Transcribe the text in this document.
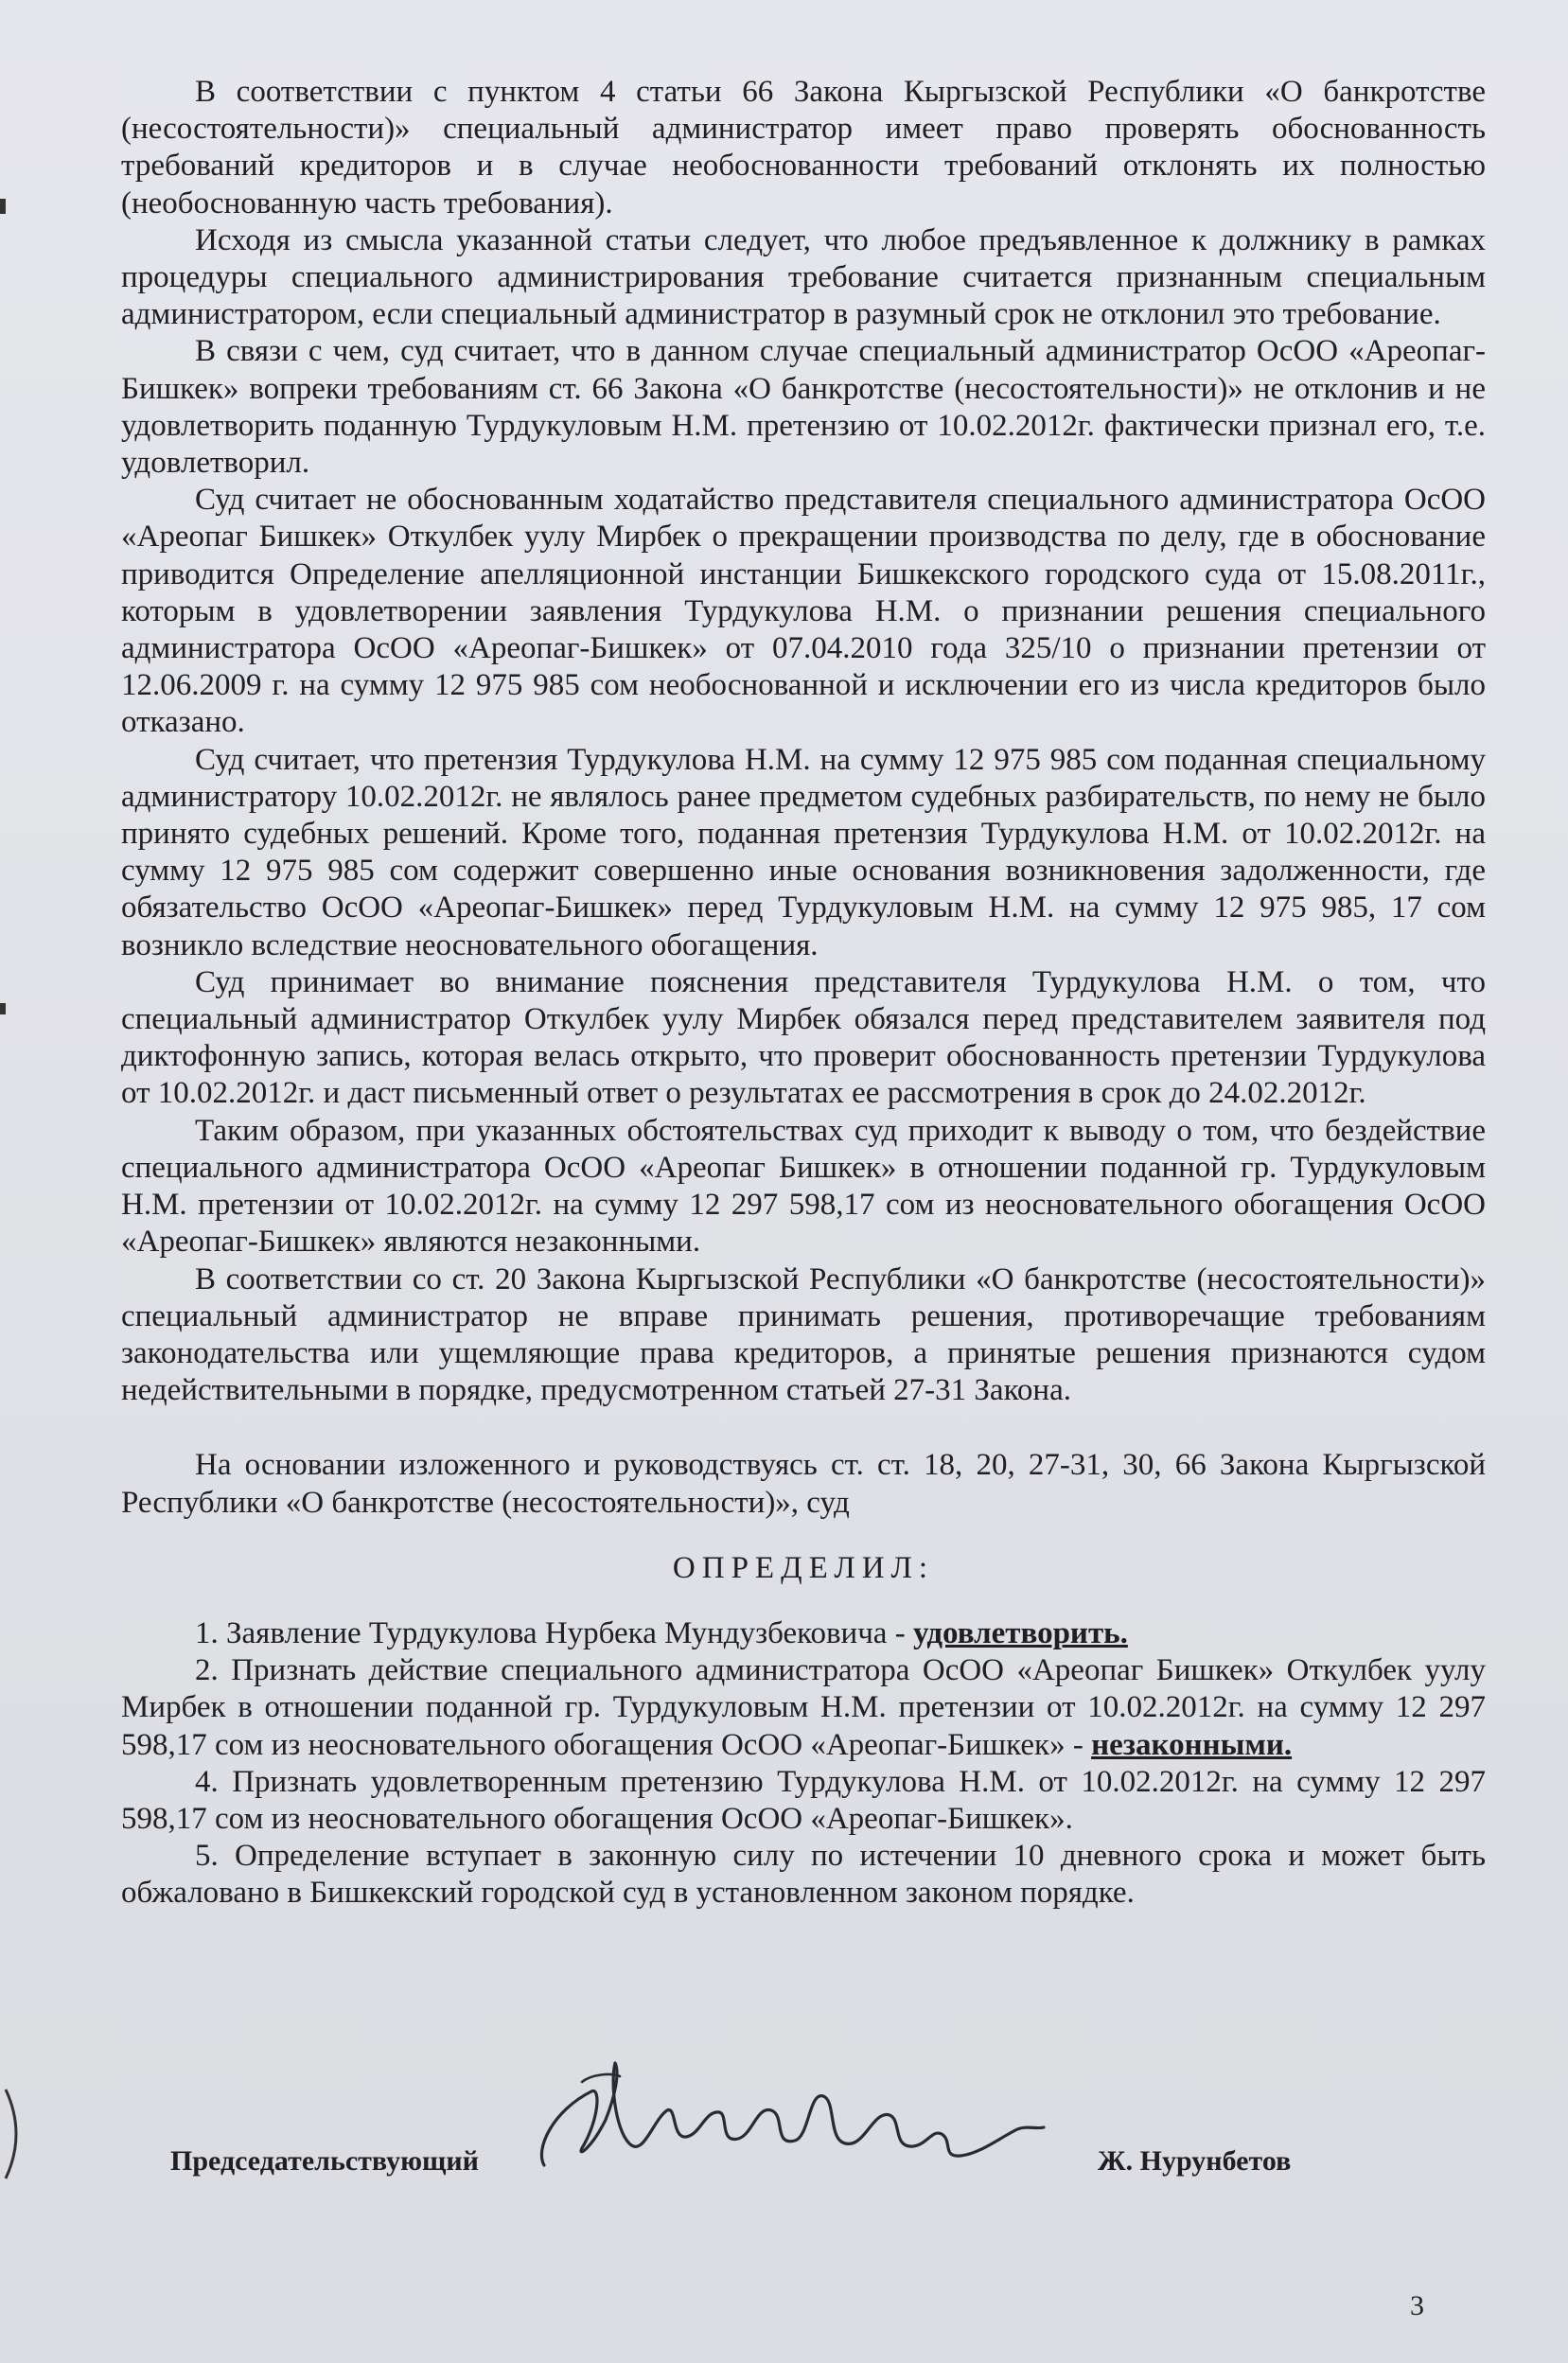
В соответствии с пунктом 4 статьи 66 Закона Кыргызской Республики «О банкротстве (несостоятельности)» специальный администратор имеет право проверять обоснованность требований кредиторов и в случае необоснованности требований отклонять их полностью (необоснованную часть требования).

Исходя из смысла указанной статьи следует, что любое предъявленное к должнику в рамках процедуры специального администрирования требование считается признанным специальным администратором, если специальный администратор в разумный срок не отклонил это требование.

В связи с чем, суд считает, что в данном случае специальный администратор ОсОО «Ареопаг-Бишкек» вопреки требованиям ст. 66 Закона «О банкротстве (несостоятельности)» не отклонив и не удовлетворить поданную Турдукуловым Н.М. претензию от 10.02.2012г. фактически признал его, т.е. удовлетворил.

Суд считает не обоснованным ходатайство представителя специального администратора ОсОО «Ареопаг Бишкек» Откулбек уулу Мирбек о прекращении производства по делу, где в обоснование приводится Определение апелляционной инстанции Бишкекского городского суда от 15.08.2011г., которым в удовлетворении заявления Турдукулова Н.М. о признании решения специального администратора ОсОО «Ареопаг-Бишкек» от 07.04.2010 года 325/10 о признании претензии от 12.06.2009 г. на сумму 12 975 985 сом необоснованной и исключении его из числа кредиторов было отказано.

Суд считает, что претензия Турдукулова Н.М. на сумму 12 975 985 сом поданная специальному администратору 10.02.2012г. не являлось ранее предметом судебных разбирательств, по нему не было принято судебных решений. Кроме того, поданная претензия Турдукулова Н.М. от 10.02.2012г. на сумму 12 975 985 сом содержит совершенно иные основания возникновения задолженности, где обязательство ОсОО «Ареопаг-Бишкек» перед Турдукуловым Н.М. на сумму 12 975 985, 17 сом возникло вследствие неосновательного обогащения.

Суд принимает во внимание пояснения представителя Турдукулова Н.М. о том, что специальный администратор Откулбек уулу Мирбек обязался перед представителем заявителя под диктофонную запись, которая велась открыто, что проверит обоснованность претензии Турдукулова от 10.02.2012г. и даст письменный ответ о результатах ее рассмотрения в срок до 24.02.2012г.

Таким образом, при указанных обстоятельствах суд приходит к выводу о том, что бездействие специального администратора ОсОО «Ареопаг Бишкек» в отношении поданной гр. Турдукуловым Н.М. претензии от 10.02.2012г. на сумму 12 297 598,17 сом из неосновательного обогащения ОсОО «Ареопаг-Бишкек» являются незаконными.

В соответствии со ст. 20 Закона Кыргызской Республики «О банкротстве (несостоятельности)» специальный администратор не вправе принимать решения, противоречащие требованиям законодательства или ущемляющие права кредиторов, а принятые решения признаются судом недействительными в порядке, предусмотренном статьей 27-31 Закона.

На основании изложенного и руководствуясь ст. ст. 18, 20, 27-31, 30, 66 Закона Кыргызской Республики «О банкротстве (несостоятельности)», суд

ОПРЕДЕЛИЛ:

1. Заявление Турдукулова Нурбека Мундузбековича - удовлетворить.

2. Признать действие специального администратора ОсОО «Ареопаг Бишкек» Откулбек уулу Мирбек в отношении поданной гр. Турдукуловым Н.М. претензии от 10.02.2012г. на сумму 12 297 598,17 сом из неосновательного обогащения ОсОО «Ареопаг-Бишкек» - незаконными.

4. Признать удовлетворенным претензию Турдукулова Н.М. от 10.02.2012г. на сумму 12 297 598,17 сом из неосновательного обогащения ОсОО «Ареопаг-Бишкек».

5. Определение вступает в законную силу по истечении 10 дневного срока и может быть обжаловано в Бишкекский городской суд в установленном законом порядке.

Председательствующий	Ж. Нурунбетов
3
